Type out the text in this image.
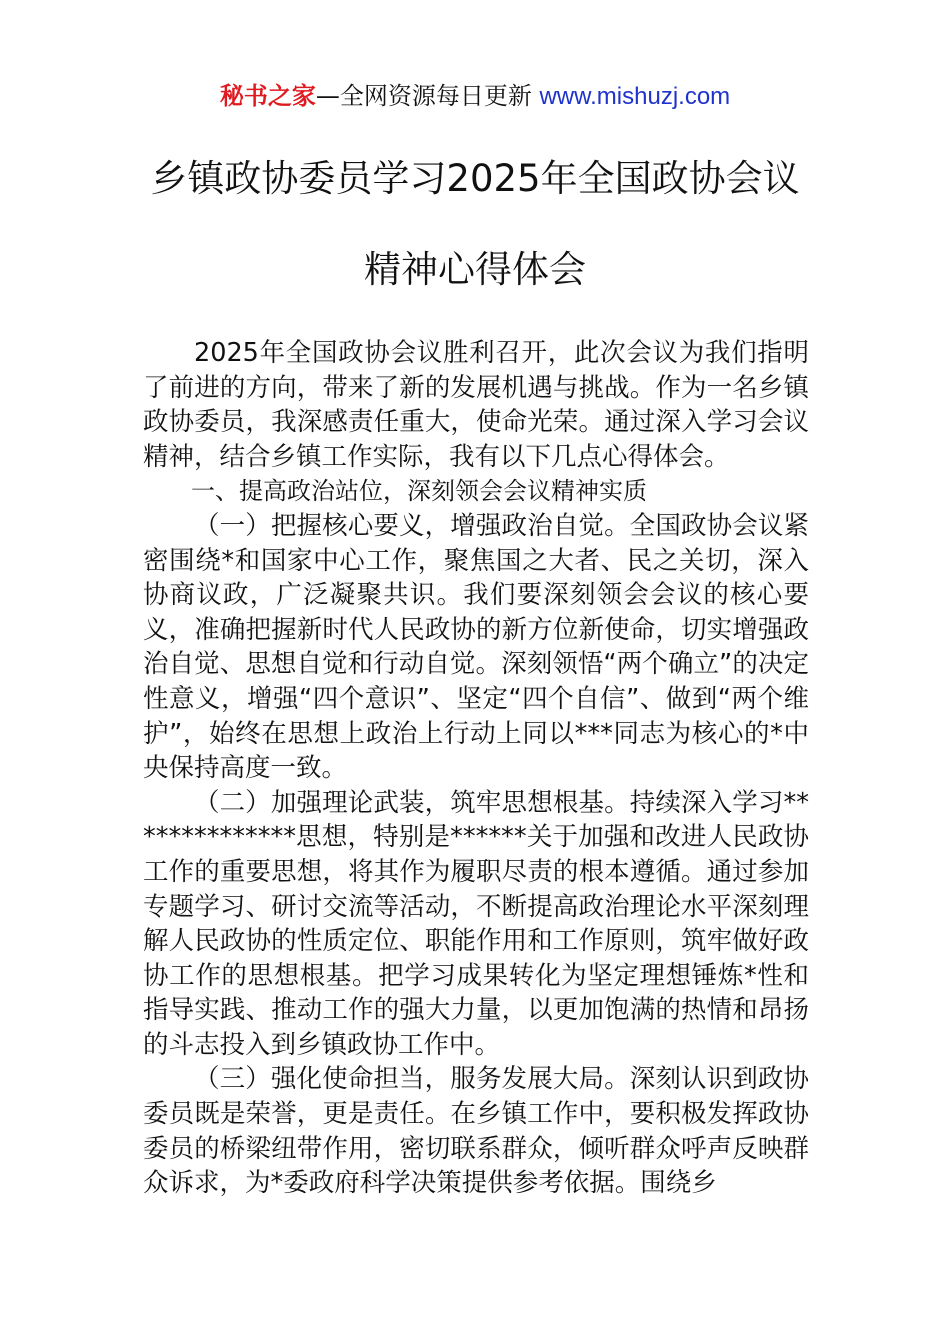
秘书之家—全网资源每日更新 www.mishuzj.com
乡镇政协委员学习2025年全国政协会议
精神心得体会

2025年全国政协会议胜利召开，此次会议为我们指明了前进的方向，带来了新的发展机遇与挑战。作为一名乡镇政协委员，我深感责任重大，使命光荣。通过深入学习会议精神，结合乡镇工作实际，我有以下几点心得体会。

一、提高政治站位，深刻领会会议精神实质

（一）把握核心要义，增强政治自觉。全国政协会议紧密围绕*和国家中心工作，聚焦国之大者、民之关切，深入协商议政，广泛凝聚共识。我们要深刻领会会议的核心要义，准确把握新时代人民政协的新方位新使命，切实增强政治自觉、思想自觉和行动自觉。深刻领悟“两个确立”的决定性意义，增强“四个意识”、坚定“四个自信”、做到“两个维护”，始终在思想上政治上行动上同以***同志为核心的*中央保持高度一致。

（二）加强理论武装，筑牢思想根基。持续深入学习**************思想，特别是******关于加强和改进人民政协工作的重要思想，将其作为履职尽责的根本遵循。通过参加专题学习、研讨交流等活动，不断提高政治理论水平深刻理解人民政协的性质定位、职能作用和工作原则，筑牢做好政协工作的思想根基。把学习成果转化为坚定理想锤炼*性和指导实践、推动工作的强大力量，以更加饱满的热情和昂扬的斗志投入到乡镇政协工作中。

（三）强化使命担当，服务发展大局。深刻认识到政协委员既是荣誉，更是责任。在乡镇工作中，要积极发挥政协委员的桥梁纽带作用，密切联系群众，倾听群众呼声反映群众诉求，为*委政府科学决策提供参考依据。围绕乡
